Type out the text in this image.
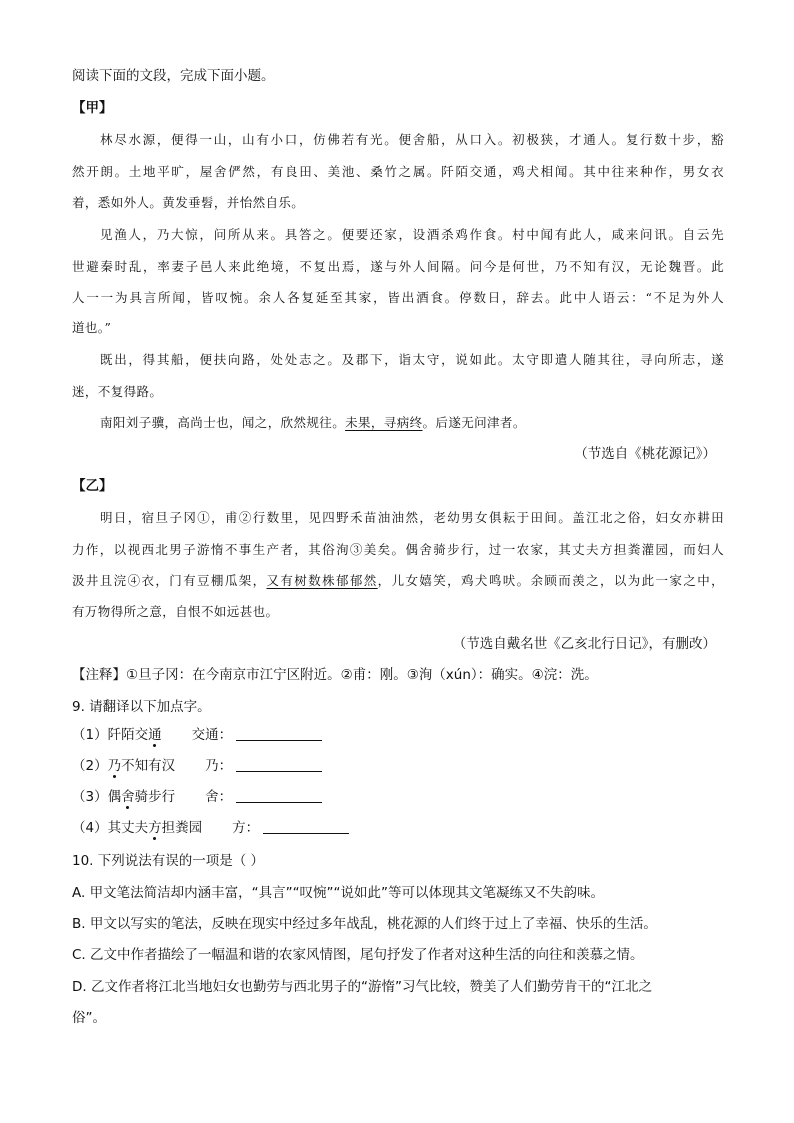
阅读下面的文段，完成下面小题。
【甲】
林尽水源，便得一山，山有小口，仿佛若有光。便舍船，从口入。初极狭，才通人。复行数十步，豁
然开朗。土地平旷，屋舍俨然，有良田、美池、桑竹之属。阡陌交通，鸡犬相闻。其中往来种作，男女衣
着，悉如外人。黄发垂髫，并怡然自乐。
见渔人，乃大惊，问所从来。具答之。便要还家，设酒杀鸡作食。村中闻有此人，咸来问讯。自云先
世避秦时乱，率妻子邑人来此绝境，不复出焉，遂与外人间隔。问今是何世，乃不知有汉，无论魏晋。此
人一一为具言所闻，皆叹惋。余人各复延至其家，皆出酒食。停数日，辞去。此中人语云：“不足为外人
道也。”
既出，得其船，便扶向路，处处志之。及郡下，诣太守，说如此。太守即遣人随其往，寻向所志，遂
迷，不复得路。
南阳刘子骥，高尚士也，闻之，欣然规往。未果，寻病终。后遂无问津者。
（节选自《桃花源记》）
【乙】
明日，宿旦子冈①，甫②行数里，见四野禾苗油油然，老幼男女俱耘于田间。盖江北之俗，妇女亦耕田
力作，以视西北男子游惰不事生产者，其俗洵③美矣。偶舍骑步行，过一农家，其丈夫方担粪灌园，而妇人
汲井且浣④衣，门有豆棚瓜架，又有树数株郁郁然，儿女嬉笑，鸡犬鸣吠。余顾而羡之，以为此一家之中，
有万物得所之意，自恨不如远甚也。
（节选自戴名世《乙亥北行日记》，有删改）
【注释】①旦子冈：在今南京市江宁区附近。②甫：刚。③洵（xún）：确实。④浣：洗。
9. 请翻译以下加点字。
（1）阡陌交通 交通：
（2）乃不知有汉 乃：
（3）偶舍骑步行 舍：
（4）其丈夫方担粪园 方：
10. 下列说法有误的一项是（ ）
A. 甲文笔法简洁却内涵丰富，“具言”“叹惋”“说如此”等可以体现其文笔凝练又不失韵味。
B. 甲文以写实的笔法，反映在现实中经过多年战乱，桃花源的人们终于过上了幸福、快乐的生活。
C. 乙文中作者描绘了一幅温和谐的农家风情图，尾句抒发了作者对这种生活的向往和羡慕之情。
D. 乙文作者将江北当地妇女也勤劳与西北男子的“游惰”习气比较，赞美了人们勤劳肯干的“江北之
俗”。
